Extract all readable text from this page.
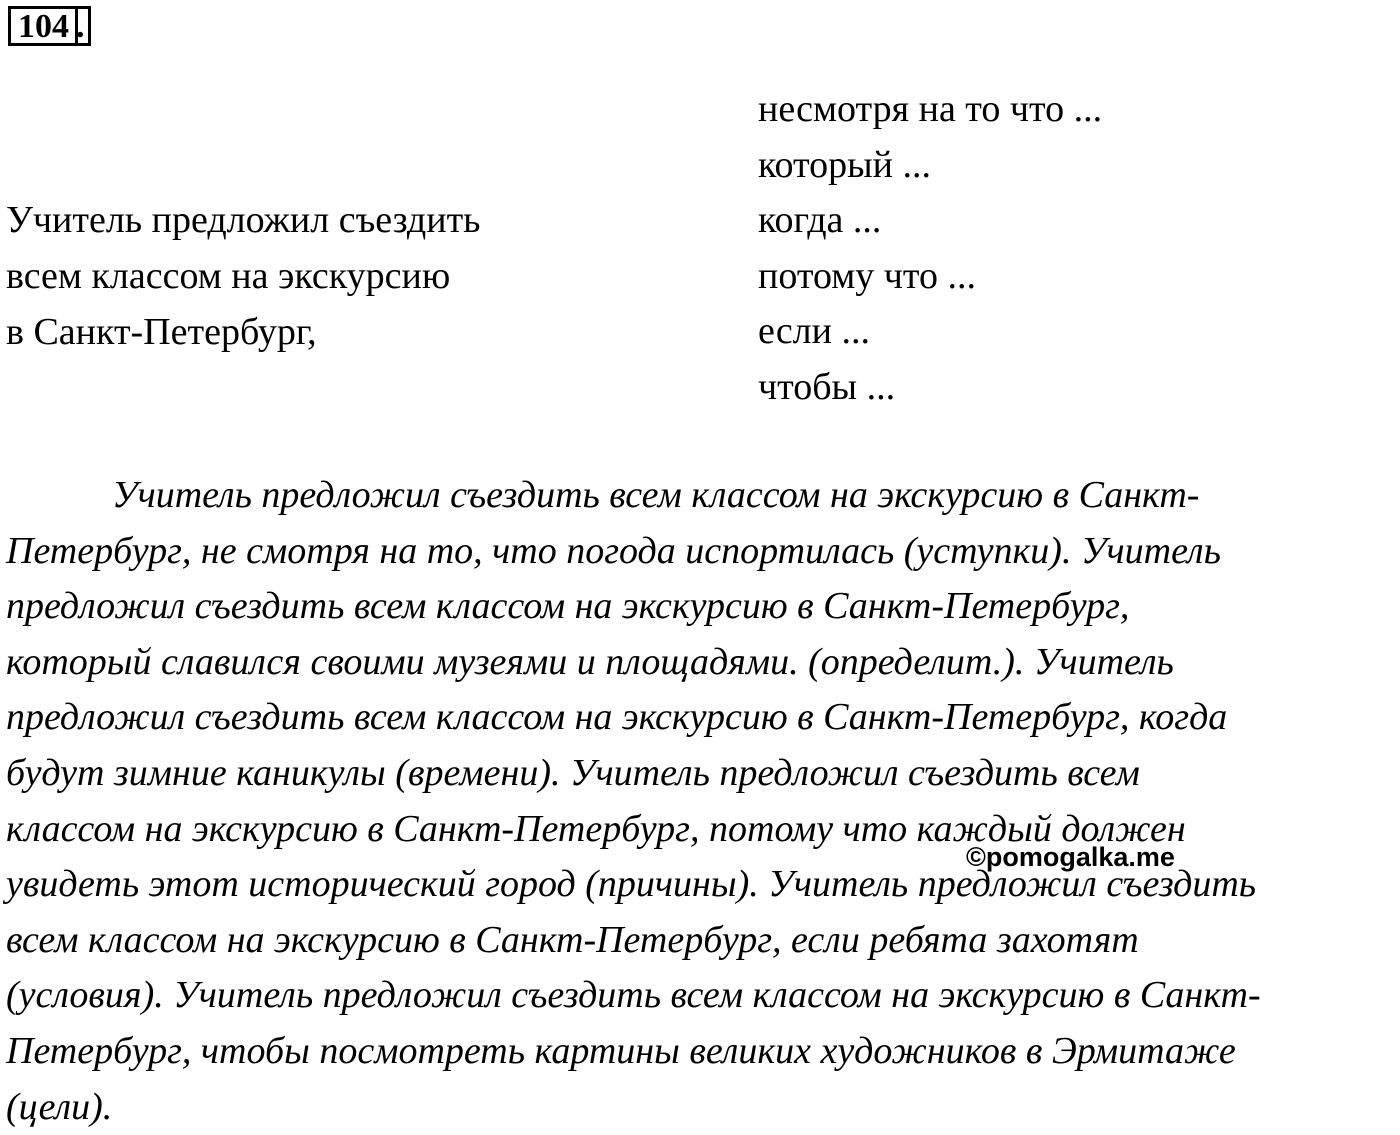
104 .
Учитель предложил съездить
всем классом на экскурсию
в Санкт-Петербург,
несмотря на то что ...
который ...
когда ...
потому что ...
если ...
чтобы ...
Учитель предложил съездить всем классом на экскурсию в Санкт-
Петербург, не смотря на то, что погода испортилась (уступки). Учитель
предложил съездить всем классом на экскурсию в Санкт-Петербург,
который славился своими музеями и площадями. (определит.). Учитель
предложил съездить всем классом на экскурсию в Санкт-Петербург, когда
будут зимние каникулы (времени). Учитель предложил съездить всем
классом на экскурсию в Санкт-Петербург, потому что каждый должен
увидеть этот исторический город (причины). Учитель предложил съездить
всем классом на экскурсию в Санкт-Петербург, если ребята захотят
(условия). Учитель предложил съездить всем классом на экскурсию в Санкт-
Петербург, чтобы посмотреть картины великих художников в Эрмитаже
(цели).
©pomogalka.me
